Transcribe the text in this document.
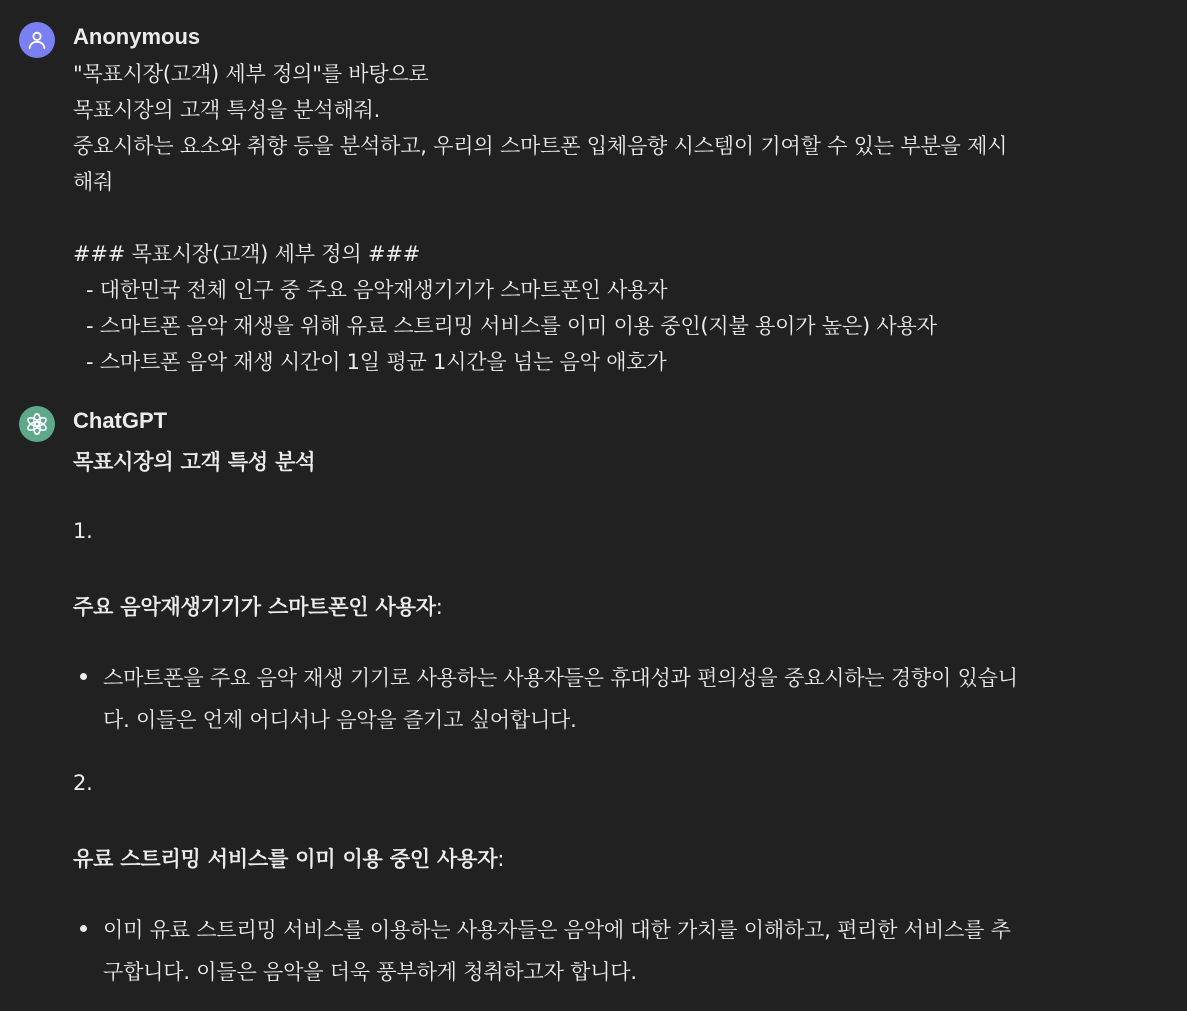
Anonymous
"목표시장(고객) 세부 정의"를 바탕으로
목표시장의 고객 특성을 분석해줘.
중요시하는 요소와 취향 등을 분석하고, 우리의 스마트폰 입체음향 시스템이 기여할 수 있는 부분을 제시
해줘
### 목표시장(고객) 세부 정의 ###
- 대한민국 전체 인구 중 주요 음악재생기기가 스마트폰인 사용자
- 스마트폰 음악 재생을 위해 유료 스트리밍 서비스를 이미 이용 중인(지불 용이가 높은) 사용자
- 스마트폰 음악 재생 시간이 1일 평균 1시간을 넘는 음악 애호가
ChatGPT
목표시장의 고객 특성 분석
1.
주요 음악재생기기가 스마트폰인 사용자:
스마트폰을 주요 음악 재생 기기로 사용하는 사용자들은 휴대성과 편의성을 중요시하는 경향이 있습니
다. 이들은 언제 어디서나 음악을 즐기고 싶어합니다.
2.
유료 스트리밍 서비스를 이미 이용 중인 사용자:
이미 유료 스트리밍 서비스를 이용하는 사용자들은 음악에 대한 가치를 이해하고, 편리한 서비스를 추
구합니다. 이들은 음악을 더욱 풍부하게 청취하고자 합니다.
